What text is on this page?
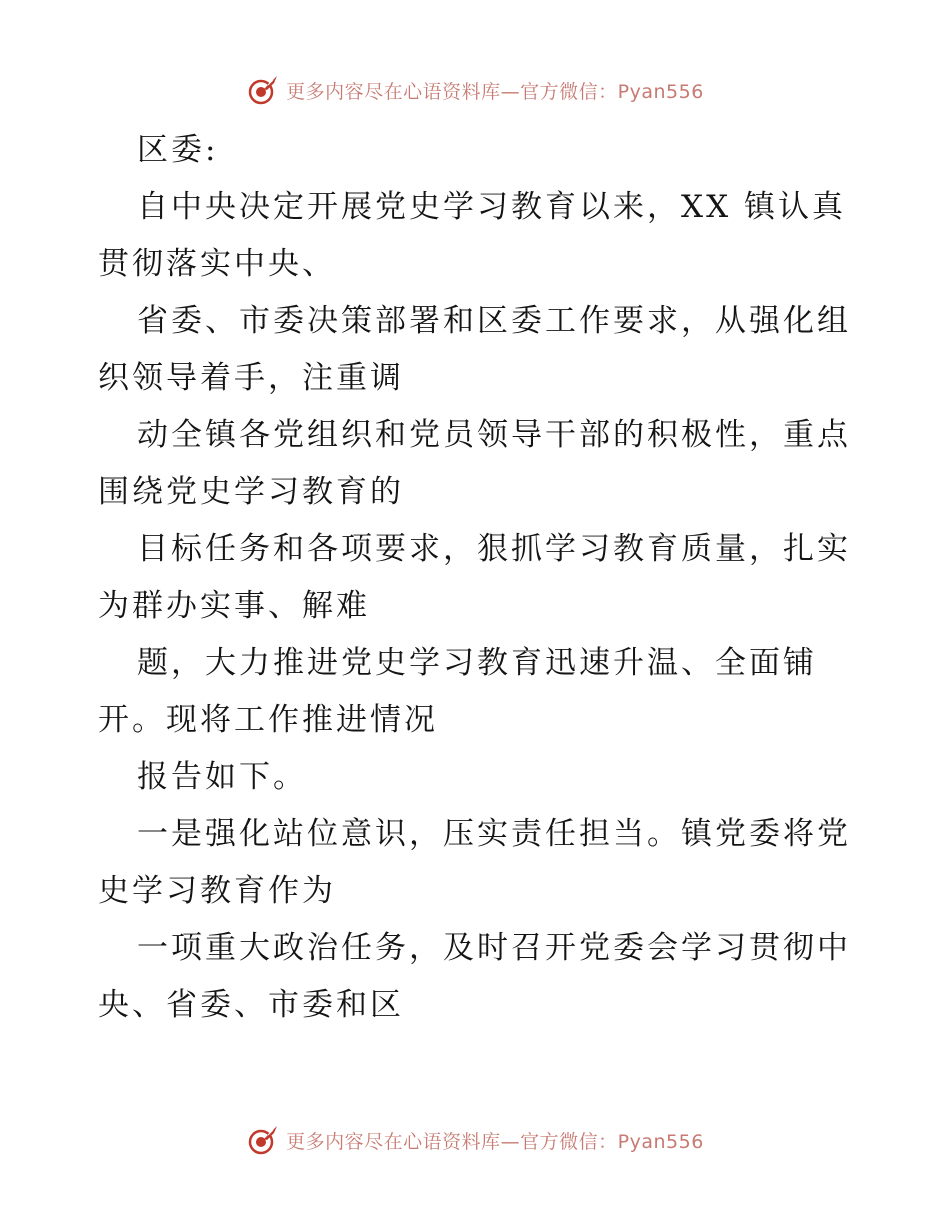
更多内容尽在心语资料库—官方微信：Pyan556
区委:
自中央决定开展党史学习教育以来，XX 镇认真
贯彻落实中央、
省委、市委决策部署和区委工作要求，从强化组
织领导着手，注重调
动全镇各党组织和党员领导干部的积极性，重点
围绕党史学习教育的
目标任务和各项要求，狠抓学习教育质量，扎实
为群办实事、解难
题，大力推进党史学习教育迅速升温、全面铺
开。现将工作推进情况
报告如下。
一是强化站位意识，压实责任担当。镇党委将党
史学习教育作为
一项重大政治任务，及时召开党委会学习贯彻中
央、省委、市委和区
更多内容尽在心语资料库—官方微信：Pyan556
